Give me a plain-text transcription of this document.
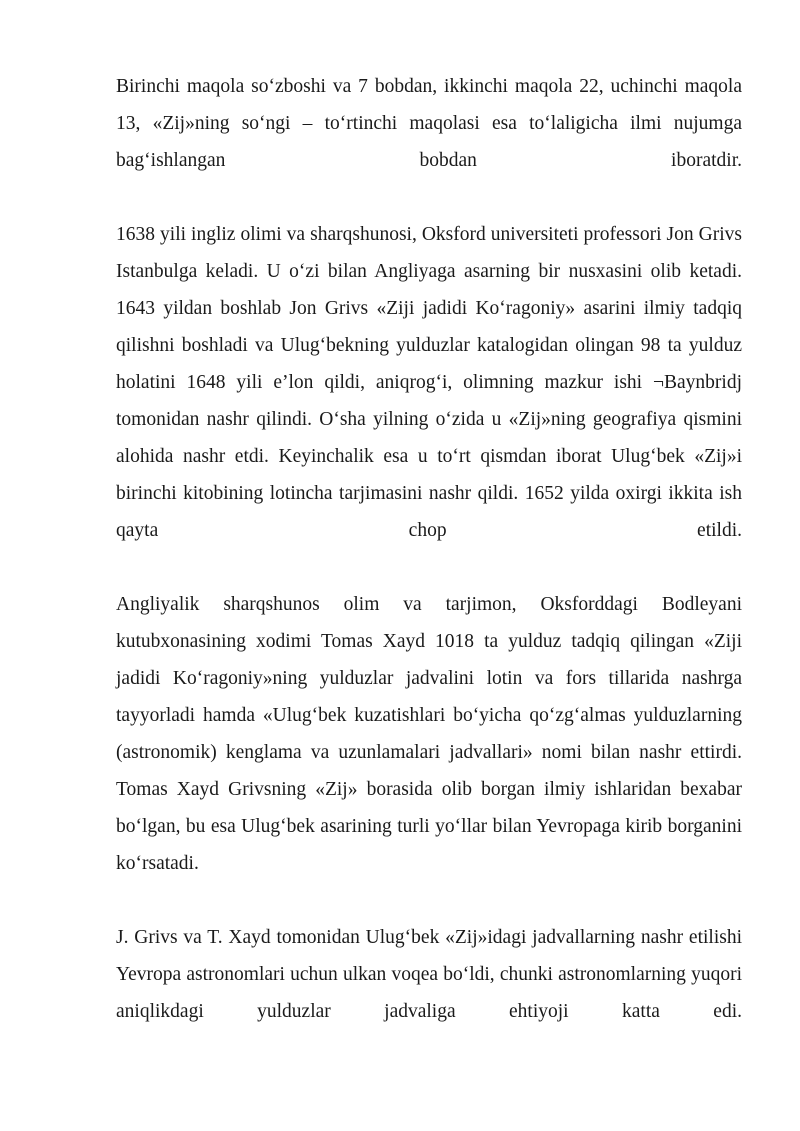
Birinchi maqola so‘zboshi va 7 bobdan, ikkinchi maqola 22, uchinchi maqola 13, «Zij»ning so‘ngi – to‘rtinchi maqolasi esa to‘laligicha ilmi nujumga bag‘ishlangan bobdan iboratdir.

1638 yili ingliz olimi va sharqshunosi, Oksford universiteti professori Jon Grivs Istanbulga keladi. U o‘zi bilan Angliyaga asarning bir nusxasini olib ketadi. 1643 yildan boshlab Jon Grivs «Ziji jadidi Ko‘ragoniy» asarini ilmiy tadqiq qilishni boshladi va Ulug‘bekning yulduzlar katalogidan olingan 98 ta yulduz holatini 1648 yili e’lon qildi, aniqrog‘i, olimning mazkur ishi ¬Baynbridj tomonidan nashr qilindi. O‘sha yilning o‘zida u «Zij»ning geografiya qismini alohida nashr etdi. Keyinchalik esa u to‘rt qismdan iborat Ulug‘bek «Zij»i birinchi kitobining lotincha tarjimasini nashr qildi. 1652 yilda oxirgi ikkita ish qayta chop etildi.

Angliyalik sharqshunos olim va tarjimon, Oksforddagi Bodleyani kutubxonasining xodimi Tomas Xayd 1018 ta yulduz tadqiq qilingan «Ziji jadidi Ko‘ragoniy»ning yulduzlar jadvalini lotin va fors tillarida nashrga tayyorladi hamda «Ulug‘bek kuzatishlari bo‘yicha qo‘zg‘almas yulduzlarning (astronomik) kenglama va uzunlamalari jadvallari» nomi bilan nashr ettirdi. Tomas Xayd Grivsning «Zij» borasida olib borgan ilmiy ishlaridan bexabar bo‘lgan, bu esa Ulug‘bek asarining turli yo‘llar bilan Yevropaga kirib borganini ko‘rsatadi.

J. Grivs va T. Xayd tomonidan Ulug‘bek «Zij»idagi jadvallarning nashr etilishi Yevropa astronomlari uchun ulkan voqea bo‘ldi, chunki astronomlarning yuqori aniqlikdagi yulduzlar jadvaliga ehtiyoji katta edi.
